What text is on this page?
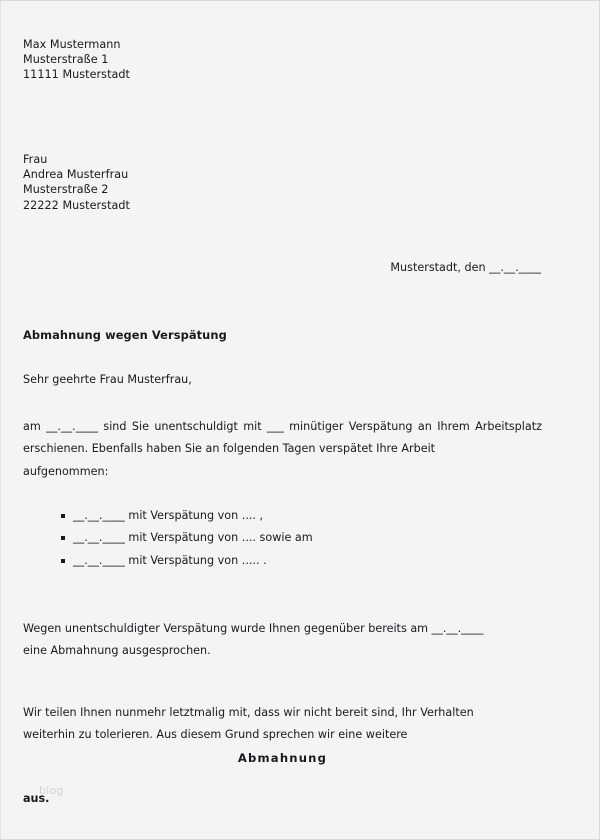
Max Mustermann
Musterstraße 1
11111 Musterstadt
Frau
Andrea Musterfrau
Musterstraße 2
22222 Musterstadt
Musterstadt, den __.__.____
Abmahnung wegen Verspätung
Sehr geehrte Frau Musterfrau,
am __.__.____ sind Sie unentschuldigt mit ___ minütiger Verspätung an Ihrem Arbeitsplatz erschienen. Ebenfalls haben Sie an folgenden Tagen verspätet Ihre Arbeit
aufgenommen:
__.__.____ mit Verspätung von .... ,
__.__.____ mit Verspätung von .... sowie am
__.__.____ mit Verspätung von ..... .
Wegen unentschuldigter Verspätung wurde Ihnen gegenüber bereits am __.__.____
eine Abmahnung ausgesprochen.
Wir teilen Ihnen nunmehr letztmalig mit, dass wir nicht bereit sind, Ihr Verhalten
weiterhin zu tolerieren. Aus diesem Grund sprechen wir eine weitere
Abmahnung
blog
aus.
